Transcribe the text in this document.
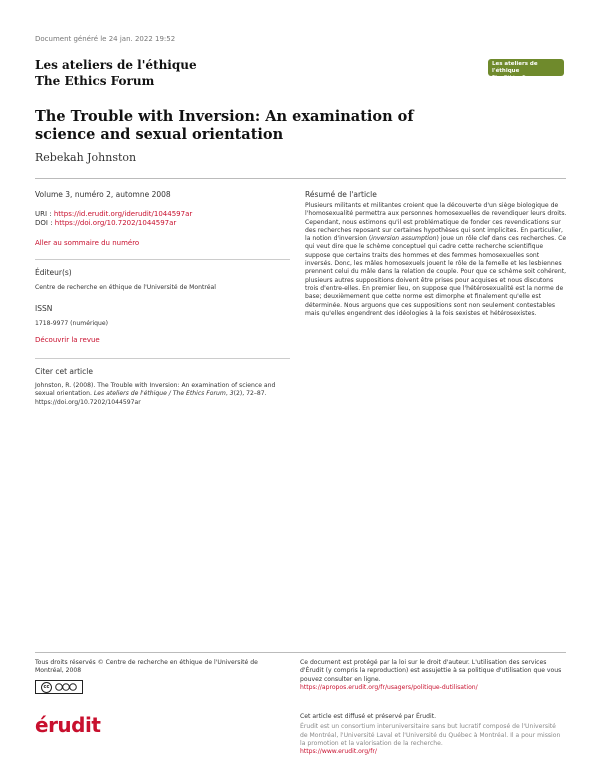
Document généré le 24 jan. 2022 19:52
Les ateliers de l'éthique
The Ethics Forum
Les ateliers de l'éthique
The Ethics Forum
The Trouble with Inversion: An examination of science and sexual orientation
Rebekah Johnston
Volume 3, numéro 2, automne 2008
URI : https://id.erudit.org/iderudit/1044597ar
DOI : https://doi.org/10.7202/1044597ar
Aller au sommaire du numéro
Éditeur(s)
Centre de recherche en éthique de l'Université de Montréal
ISSN
1718-9977 (numérique)
Découvrir la revue
Citer cet article
Johnston, R. (2008). The Trouble with Inversion: An examination of science and
sexual orientation. Les ateliers de l'éthique / The Ethics Forum, 3(2), 72–87.
https://doi.org/10.7202/1044597ar
Résumé de l'article
Plusieurs militants et militantes croient que la découverte d'un siège biologique de l'homosexualité permettra aux personnes homosexuelles de revendiquer leurs droits. Cependant, nous estimons qu'il est problématique de fonder ces revendications sur des recherches reposant sur certaines hypothèses qui sont implicites. En particulier, la notion d'inversion (inversion assumption) joue un rôle clef dans ces recherches. Ce qui veut dire que le schème conceptuel qui cadre cette recherche scientifique suppose que certains traits des hommes et des femmes homosexuelles sont inversés. Donc, les mâles homosexuels jouent le rôle de la femelle et les lesbiennes prennent celui du mâle dans la relation de couple. Pour que ce schème soit cohérent, plusieurs autres suppositions doivent être prises pour acquises et nous discutons trois d'entre-elles. En premier lieu, on suppose que l'hétérosexualité est la norme de base; deuxièmement que cette norme est dimorphe et finalement qu'elle est déterminée. Nous arguons que ces suppositions sont non seulement contestables mais qu'elles engendrent des idéologies à la fois sexistes et hétérosexistes.
Tous droits réservés © Centre de recherche en éthique de l'Université de Montréal, 2008
cc
Ce document est protégé par la loi sur le droit d'auteur. L'utilisation des services d'Érudit (y compris la reproduction) est assujettie à sa politique d'utilisation que vous pouvez consulter en ligne.
https://apropos.erudit.org/fr/usagers/politique-dutilisation/
érudit	Cet article est diffusé et préservé par Érudit.
Érudit est un consortium interuniversitaire sans but lucratif composé de l'Université de Montréal, l'Université Laval et l'Université du Québec à Montréal. Il a pour mission la promotion et la valorisation de la recherche.
https://www.erudit.org/fr/
